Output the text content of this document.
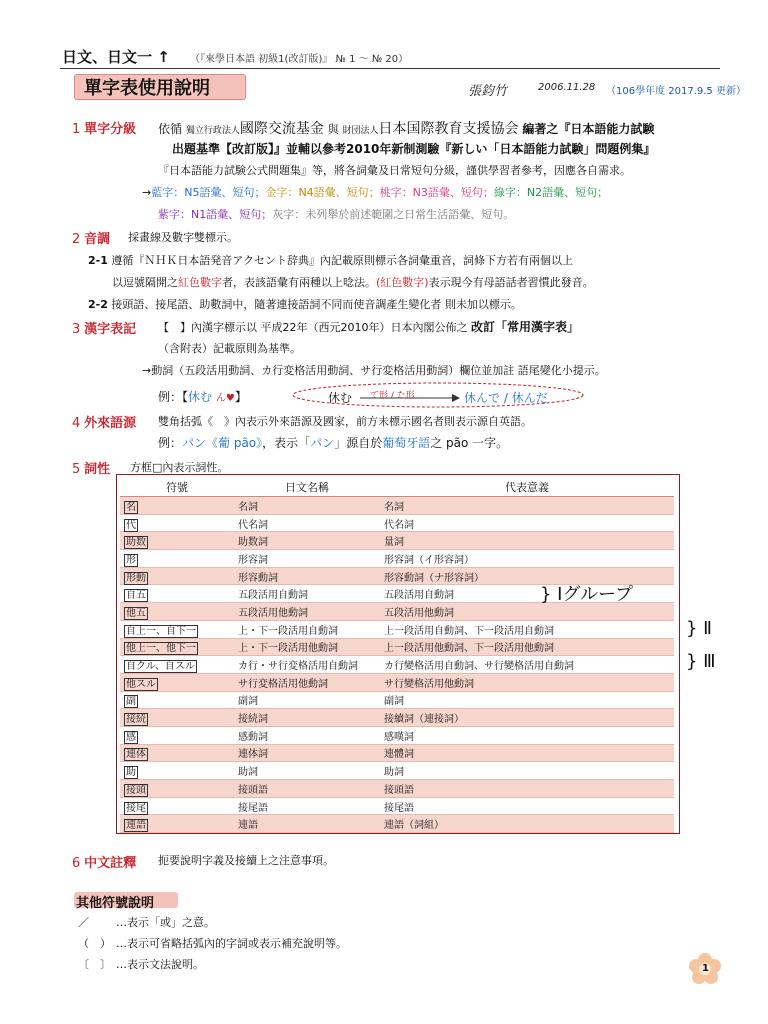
日文、日文一 ↑ （『來學日本語 初級1(改訂版)』 № 1 ～ № 20）
單字表使用說明	張鈞竹	2006.11.28 （106學年度 2017.9.5 更新）
1 單字分級 依循 獨立行政法人國際交流基金 與 財団法人日本国際教育支援協会 編著之『日本語能力試験
出題基準【改訂版】』並輔以參考2010年新制測驗『新しい「日本語能力試験」問題例集』
『日本語能力試験公式問題集』等，將各詞彙及日常短句分級，謹供學習者參考，因應各自需求。
→藍字：N5語彙、短句；金字：N4語彙、短句；桃字：N3語彙、短句；綠字：N2語彙、短句；
紫字：N1語彙、短句；灰字：未列舉於前述範圍之日常生活語彙、短句。
2 音調 採畫線及數字雙標示。
2-1 遵循『ＮＨＫ日本語発音アクセント辞典』內記載原則標示各詞彙重音，詞條下方若有兩個以上
以逗號隔開之紅色數字者，表該語彙有兩種以上唸法。(紅色數字)表示現今有母語話者習慣此發音。
2-2 接頭語、接尾語、助數詞中，隨著連接語詞不同而使音調產生變化者 則未加以標示。
3 漢字表記 【　】內漢字標示以 平成22年（西元2010年）日本內閣公佈之 改訂「常用漢字表」
（含附表）記載原則為基準。
→動詞（五段活用動詞、カ行変格活用動詞、サ行変格活用動詞）欄位並加註 語尾變化小提示。
例：【休む ん♥】	休む て形 / た形	休んで / 休んだ
4 外來語源 雙角括弧《　》內表示外來語源及國家，前方未標示國名者則表示源自英語。
例：パン《葡 pão》，表示「パン」源自於葡萄牙語之 pão 一字。
5 詞性 方框□內表示詞性。
符號	日文名稱	代表意義
名	名詞	名詞
代	代名詞	代名詞
助数	助数詞	量詞
形	形容詞	形容詞（イ形容詞）
形動	形容動詞	形容動詞（ナ形容詞）
自五	五段活用自動詞	五段活用自動詞
他五	五段活用他動詞	五段活用他動詞
自上一、自下一	上・下一段活用自動詞	上一段活用自動詞、下一段活用自動詞
他上一、他下一	上・下一段活用他動詞	上一段活用他動詞、下一段活用他動詞
自クル、自スル	カ行・サ行変格活用自動詞	カ行變格活用自動詞、サ行變格活用自動詞
他スル	サ行変格活用他動詞	サ行變格活用他動詞
副	副詞	副詞
接続	接続詞	接續詞（連接詞）
感	感動詞	感嘆詞
連体	連体詞	連體詞
助	助詞	助詞
接頭	接頭語	接頭語
接尾	接尾語	接尾語
連語	連語	連語（詞組）
} Ⅰグループ
} Ⅱ
} Ⅲ
6 中文註釋 扼要說明字義及接續上之注意事項。
其他符號說明
／ …表示「或」之意。
（　） …表示可省略括弧內的字詞或表示補充說明等。
〔　〕 …表示文法說明。	1
